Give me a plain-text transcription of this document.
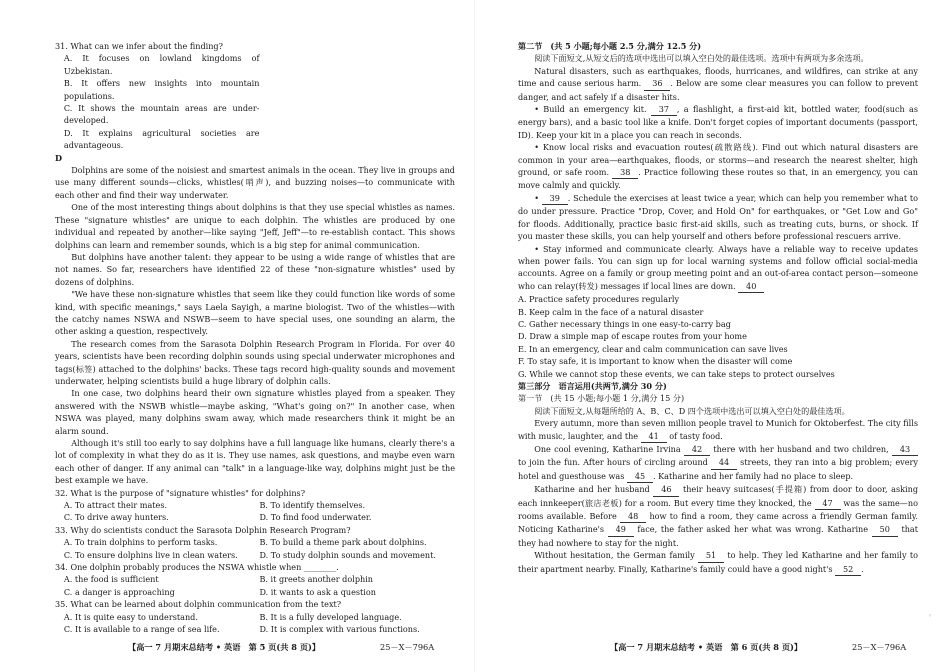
31. What can we infer about the finding?

A. It focuses on lowland kingdoms of Uzbekistan.

B. It offers new insights into mountain populations.

C. It shows the mountain areas are under-developed.

D. It explains agricultural societies are advantageous.

D

Dolphins are some of the noisiest and smartest animals in the ocean. They live in groups and use many different sounds—clicks, whistles(哨声), and buzzing noises—to communicate with each other and find their way underwater.

One of the most interesting things about dolphins is that they use special whistles as names. These "signature whistles" are unique to each dolphin. The whistles are produced by one individual and repeated by another—like saying "Jeff, Jeff"—to re-establish contact. This shows dolphins can learn and remember sounds, which is a big step for animal communication.

But dolphins have another talent: they appear to be using a wide range of whistles that are not names. So far, researchers have identified 22 of these "non-signature whistles" used by dozens of dolphins.

"We have these non-signature whistles that seem like they could function like words of some kind, with specific meanings," says Laela Sayigh, a marine biologist. Two of the whistles—with the catchy names NSWA and NSWB—seem to have special uses, one sounding an alarm, the other asking a question, respectively.

The research comes from the Sarasota Dolphin Research Program in Florida. For over 40 years, scientists have been recording dolphin sounds using special underwater microphones and tags(标签) attached to the dolphins' backs. These tags record high-quality sounds and movement underwater, helping scientists build a huge library of dolphin calls.

In one case, two dolphins heard their own signature whistles played from a speaker. They answered with the NSWB whistle—maybe asking, "What's going on?" In another case, when NSWA was played, many dolphins swam away, which made researchers think it might be an alarm sound.

Although it's still too early to say dolphins have a full language like humans, clearly there's a lot of complexity in what they do as it is. They use names, ask questions, and maybe even warn each other of danger. If any animal can "talk" in a language-like way, dolphins might just be the best example we have.

32. What is the purpose of "signature whistles" for dolphins?

A. To attract their mates.	B. To identify themselves.

C. To drive away hunters.	D. To find food underwater.

33. Why do scientists conduct the Sarasota Dolphin Research Program?

A. To train dolphins to perform tasks.	B. To build a theme park about dolphins.

C. To ensure dolphins live in clean waters.	D. To study dolphin sounds and movement.

34. One dolphin probably produces the NSWA whistle when ________.

A. the food is sufficient	B. it greets another dolphin

C. a danger is approaching	D. it wants to ask a question

35. What can be learned about dolphin communication from the text?

A. It is quite easy to understand.	B. It is a fully developed language.

C. It is available to a range of sea life.	D. It is complex with various functions.

【高一 7 月期末总结考 • 英语　第 5 页(共 8 页)】	25－X－796A

第二节　(共 5 小题;每小题 2.5 分,满分 12.5 分)

阅读下面短文,从短文后的选项中选出可以填入空白处的最佳选项。选项中有两项为多余选项。

Natural disasters, such as earthquakes, floods, hurricanes, and wildfires, can strike at any time and cause serious harm. 36 . Below are some clear measures you can follow to prevent danger, and act safely if a disaster hits.

• Build an emergency kit. 37 , a flashlight, a first-aid kit, bottled water, food(such as energy bars), and a basic tool like a knife. Don't forget copies of important documents (passport, ID). Keep your kit in a place you can reach in seconds.

• Know local risks and evacuation routes(疏散路线). Find out which natural disasters are common in your area—earthquakes, floods, or storms—and research the nearest shelter, high ground, or safe room. 38 . Practice following these routes so that, in an emergency, you can move calmly and quickly.

• 39 . Schedule the exercises at least twice a year, which can help you remember what to do under pressure. Practice "Drop, Cover, and Hold On" for earthquakes, or "Get Low and Go" for floods. Additionally, practice basic first-aid skills, such as treating cuts, burns, or shock. If you master these skills, you can help yourself and others before professional rescuers arrive.

• Stay informed and communicate clearly. Always have a reliable way to receive updates when power fails. You can sign up for local warning systems and follow official social-media accounts. Agree on a family or group meeting point and an out-of-area contact person—someone who can relay(转发) messages if local lines are down. 40

A. Practice safety procedures regularly

B. Keep calm in the face of a natural disaster

C. Gather necessary things in one easy-to-carry bag

D. Draw a simple map of escape routes from your home

E. In an emergency, clear and calm communication can save lives

F. To stay safe, it is important to know when the disaster will come

G. While we cannot stop these events, we can take steps to protect ourselves

第三部分　语言运用(共两节,满分 30 分)

第一节　(共 15 小题;每小题 1 分,满分 15 分)

阅读下面短文,从每题所给的 A、B、C、D 四个选项中选出可以填入空白处的最佳选项。

Every autumn, more than seven million people travel to Munich for Oktoberfest. The city fills with music, laughter, and the 41 of tasty food.

One cool evening, Katharine Irvina 42 there with her husband and two children, 43 to join the fun. After hours of circling around 44 streets, they ran into a big problem; every hotel and guesthouse was 45 . Katharine and her family had no place to sleep.

Katharine and her husband 46 their heavy suitcases(手提箱) from door to door, asking each innkeeper(旅店老板) for a room. But every time they knocked, the 47 was the same—no rooms available. Before 48 how to find a room, they came across a friendly German family. Noticing Katharine's 49 face, the father asked her what was wrong. Katharine 50 that they had nowhere to stay for the night.

Without hesitation, the German family 51 to help. They led Katharine and her family to their apartment nearby. Finally, Katharine's family could have a good night's 52 .

【高一 7 月期末总结考 • 英语　第 6 页(共 8 页)】	25－X－796A
◦
